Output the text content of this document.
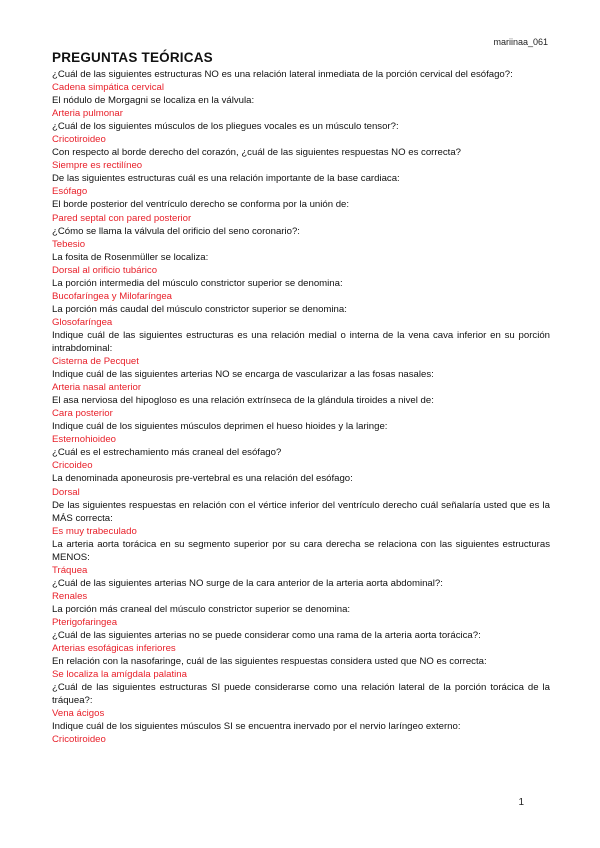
mariinaa_061
PREGUNTAS TEÓRICAS
¿Cuál de las siguientes estructuras NO es una relación lateral inmediata de la porción cervical del esófago?:
Cadena simpática cervical
El nódulo de Morgagni se localiza en la válvula:
Arteria pulmonar
¿Cuál de los siguientes músculos de los pliegues vocales es un músculo tensor?:
Cricotiroideo
Con respecto al borde derecho del corazón, ¿cuál de las siguientes respuestas NO es correcta?
Siempre es rectilíneo
De las siguientes estructuras cuál es una relación importante de la base cardiaca:
Esófago
El borde posterior del ventrículo derecho se conforma por la unión de:
Pared septal con pared posterior
¿Cómo se llama la válvula del orificio del seno coronario?:
Tebesio
La fosita de Rosenmüller se localiza:
Dorsal al orificio tubárico
La porción intermedia del músculo constrictor superior se denomina:
Bucofaríngea y Milofaríngea
La porción más caudal del músculo constrictor superior se denomina:
Glosofaríngea
Indique cuál de las siguientes estructuras es una relación medial o interna de la vena cava inferior en su porción intrabdominal:
Cisterna de Pecquet
Indique cuál de las siguientes arterias NO se encarga de vascularizar a las fosas nasales:
Arteria nasal anterior
El asa nerviosa del hipogloso es una relación extrínseca de la glándula tiroides a nivel de:
Cara posterior
Indique cuál de los siguientes músculos deprimen el hueso hioides y la laringe:
Esternohioideo
¿Cuál es el estrechamiento más craneal del esófago?
Cricoideo
La denominada aponeurosis pre-vertebral es una relación del esófago:
Dorsal
De las siguientes respuestas en relación con el vértice inferior del ventrículo derecho cuál señalaría usted que es la MÁS correcta:
Es muy trabeculado
La arteria aorta torácica en su segmento superior por su cara derecha se relaciona con las siguientes estructuras MENOS:
Tráquea
¿Cuál de las siguientes arterias NO surge de la cara anterior de la arteria aorta abdominal?:
Renales
La porción más craneal del músculo constrictor superior se denomina:
Pterigofaringea
¿Cuál de las siguientes arterias no se puede considerar como una rama de la arteria aorta torácica?:
Arterias esofágicas inferiores
En relación con la nasofaringe, cuál de las siguientes respuestas considera usted que NO es correcta:
Se localiza la amígdala palatina
¿Cuál de las siguientes estructuras SI puede considerarse como una relación lateral de la porción torácica de la tráquea?:
Vena ácigos
Indique cuál de los siguientes músculos SI se encuentra inervado por el nervio laríngeo externo:
Cricotiroideo
1
